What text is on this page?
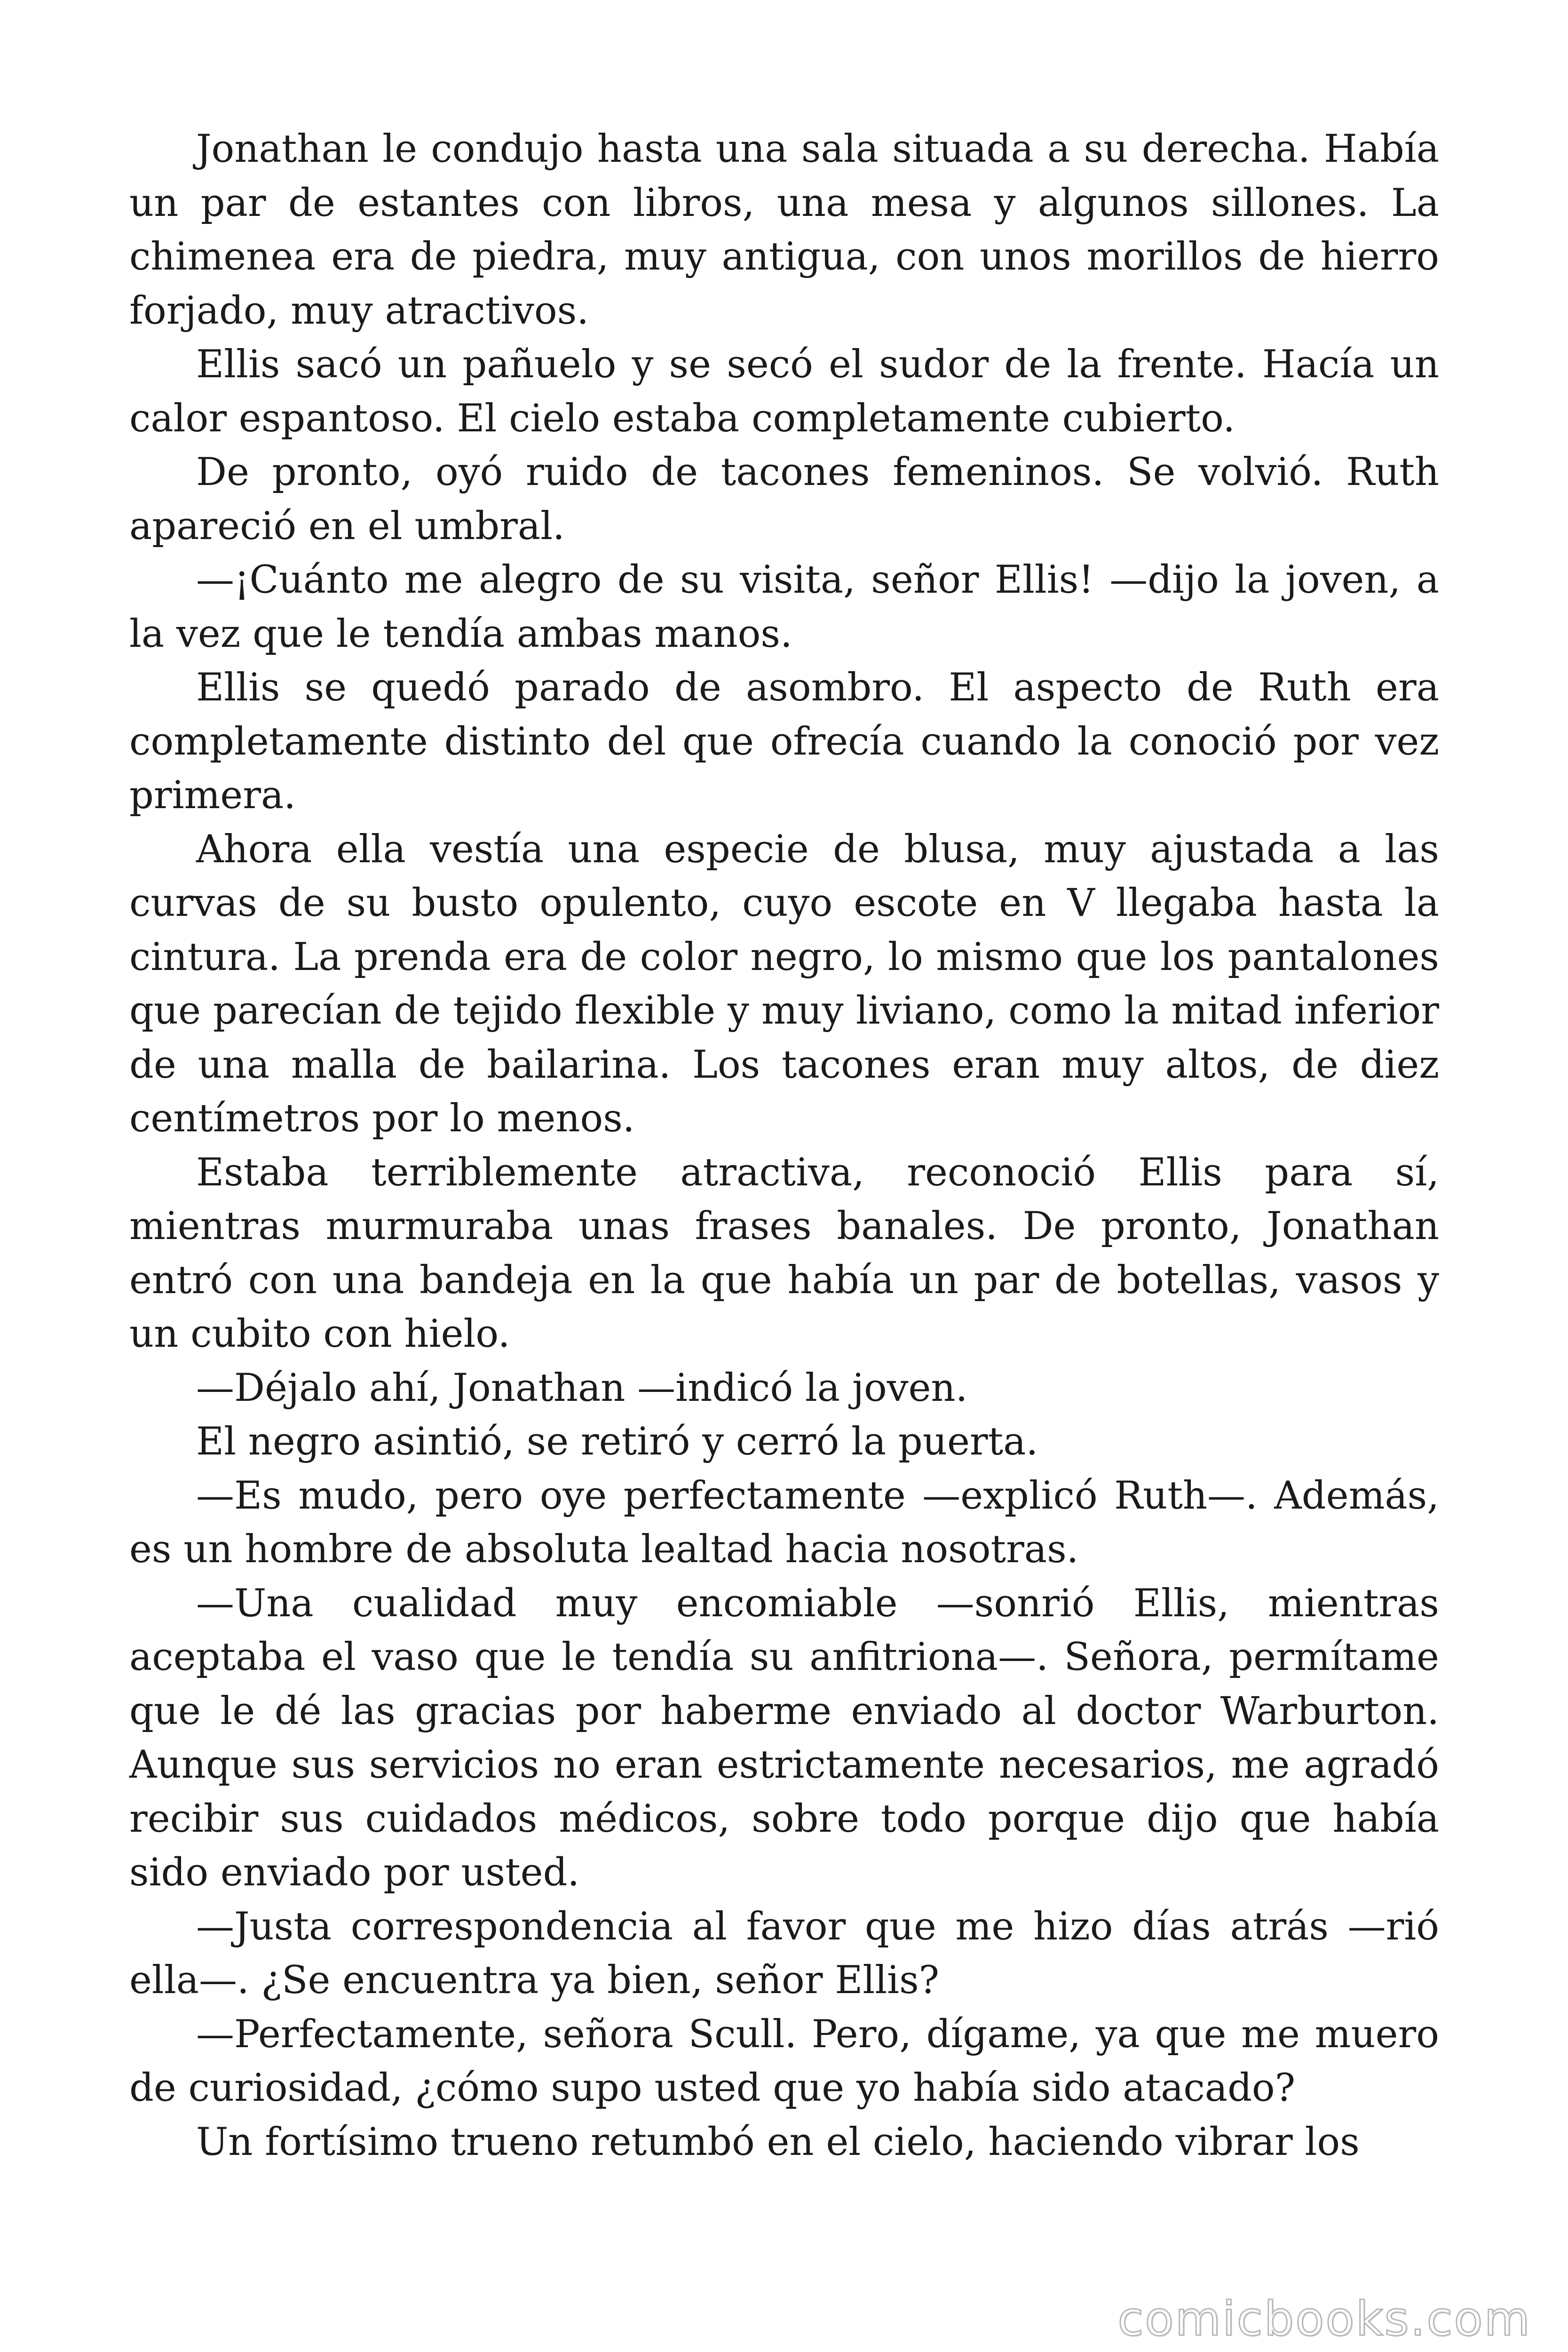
Jonathan le condujo hasta una sala situada a su derecha. Había un par de estantes con libros, una mesa y algunos sillones. La chimenea era de piedra, muy antigua, con unos morillos de hierro forjado, muy atractivos.

Ellis sacó un pañuelo y se secó el sudor de la frente. Hacía un calor espantoso. El cielo estaba completamente cubierto.

De pronto, oyó ruido de tacones femeninos. Se volvió. Ruth apareció en el umbral.

—¡Cuánto me alegro de su visita, señor Ellis! —dijo la joven, a la vez que le tendía ambas manos.

Ellis se quedó parado de asombro. El aspecto de Ruth era completamente distinto del que ofrecía cuando la conoció por vez primera.

Ahora ella vestía una especie de blusa, muy ajustada a las curvas de su busto opulento, cuyo escote en V llegaba hasta la cintura. La prenda era de color negro, lo mismo que los pantalones que parecían de tejido flexible y muy liviano, como la mitad inferior de una malla de bailarina. Los tacones eran muy altos, de diez centímetros por lo menos.

Estaba terriblemente atractiva, reconoció Ellis para sí, mientras murmuraba unas frases banales. De pronto, Jonathan entró con una bandeja en la que había un par de botellas, vasos y un cubito con hielo.

—Déjalo ahí, Jonathan —indicó la joven.

El negro asintió, se retiró y cerró la puerta.

—Es mudo, pero oye perfectamente —explicó Ruth—. Además, es un hombre de absoluta lealtad hacia nosotras.

—Una cualidad muy encomiable —sonrió Ellis, mientras aceptaba el vaso que le tendía su anfitriona—. Señora, permítame que le dé las gracias por haberme enviado al doctor Warburton. Aunque sus servicios no eran estrictamente necesarios, me agradó recibir sus cuidados médicos, sobre todo porque dijo que había sido enviado por usted.

—Justa correspondencia al favor que me hizo días atrás —rió ella—. ¿Se encuentra ya bien, señor Ellis?

—Perfectamente, señora Scull. Pero, dígame, ya que me muero de curiosidad, ¿cómo supo usted que yo había sido atacado?

Un fortísimo trueno retumbó en el cielo, haciendo vibrar los

comicbooks.com
